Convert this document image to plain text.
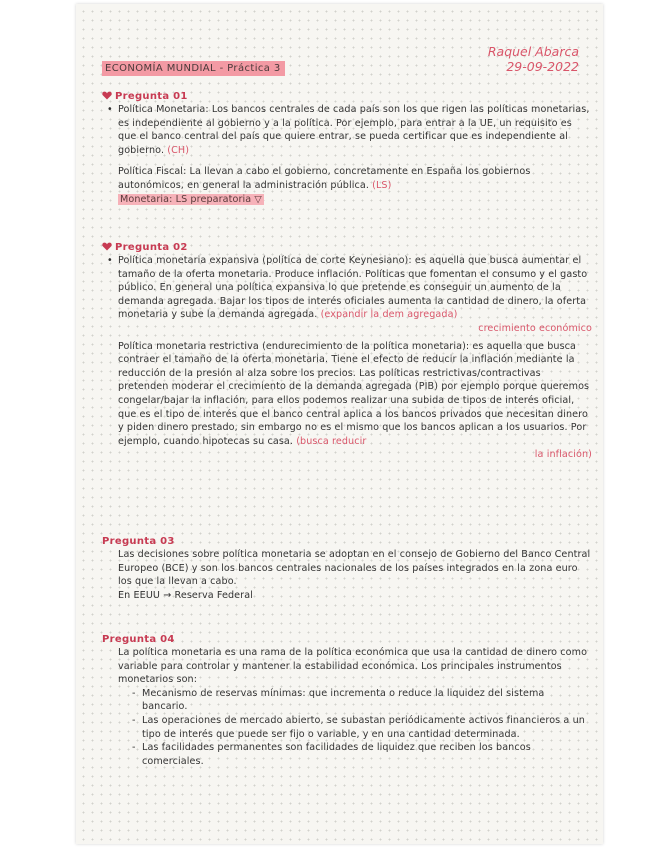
Raquel Abarca
29-09-2022
ECONOMÍA MUNDIAL - Práctica 3
Pregunta 01

• Política Monetaria: Los bancos centrales de cada país son los que rigen las políticas monetarias, es independiente al gobierno y a la política. Por ejemplo, para entrar a la UE, un requisito es que el banco central del país que quiere entrar, se pueda certificar que es independiente al gobierno. (CH)

Política Fiscal: La llevan a cabo el gobierno, concretamente en España los gobiernos autonómicos, en general la administración pública. (LS)

Monetaria: LS preparatoria ▽

Pregunta 02

• Política monetaria expansiva (política de corte Keynesiano): es aquella que busca aumentar el tamaño de la oferta monetaria. Produce inflación. Políticas que fomentan el consumo y el gasto público. En general una política expansiva lo que pretende es conseguir un aumento de la demanda agregada. Bajar los tipos de interés oficiales aumenta la cantidad de dinero, la oferta monetaria y sube la demanda agregada. (expandir la dem agregada)

crecimiento económico

Política monetaria restrictiva (endurecimiento de la política monetaria): es aquella que busca contraer el tamaño de la oferta monetaria. Tiene el efecto de reducir la inflación mediante la reducción de la presión al alza sobre los precios. Las políticas restrictivas/contractivas pretenden moderar el crecimiento de la demanda agregada (PIB) por ejemplo porque queremos congelar/bajar la inflación, para ellos podemos realizar una subida de tipos de interés oficial, que es el tipo de interés que el banco central aplica a los bancos privados que necesitan dinero y piden dinero prestado, sin embargo no es el mismo que los bancos aplican a los usuarios. Por ejemplo, cuando hipotecas su casa. (busca reducir

la inflación)

Pregunta 03

Las decisiones sobre política monetaria se adoptan en el consejo de Gobierno del Banco Central Europeo (BCE) y son los bancos centrales nacionales de los países integrados en la zona euro los que la llevan a cabo.

En EEUU → Reserva Federal

Pregunta 04

La política monetaria es una rama de la política económica que usa la cantidad de dinero como variable para controlar y mantener la estabilidad económica. Los principales instrumentos monetarios son:

- Mecanismo de reservas mínimas: que incrementa o reduce la liquidez del sistema bancario.
- Las operaciones de mercado abierto, se subastan periódicamente activos financieros a un tipo de interés que puede ser fijo o variable, y en una cantidad determinada.
- Las facilidades permanentes son facilidades de liquidez que reciben los bancos comerciales.
